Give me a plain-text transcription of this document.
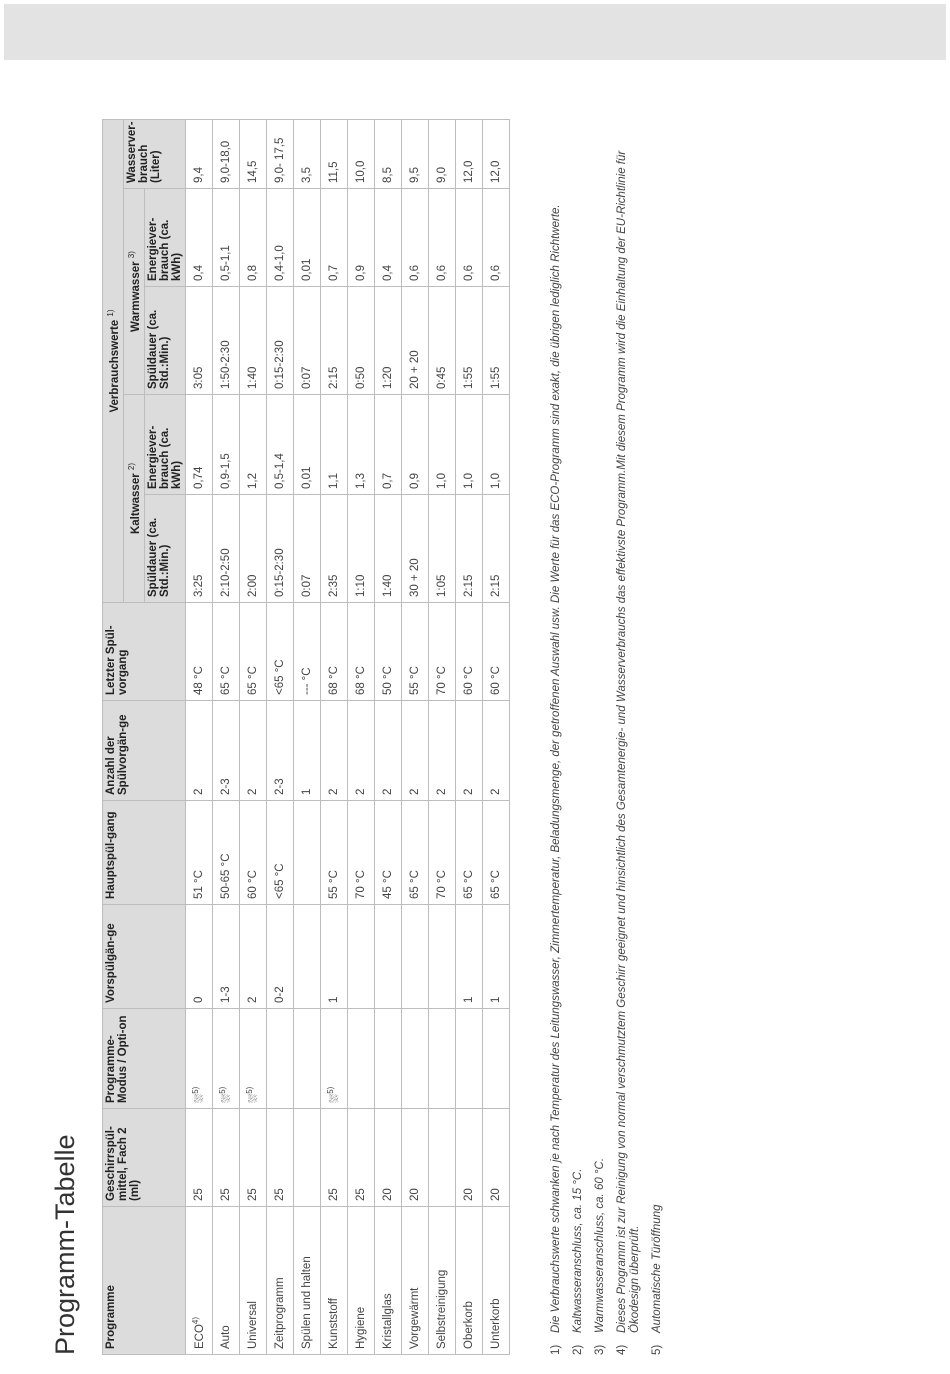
Programm-Tabelle Programme	Geschirrspül-mittel, Fach 2 (ml)	Programme-Modus / Opti-on	Vorspülgän-ge	Hauptspül-gang	Anzahl der Spülvorgän-ge	Letzter Spül-vorgang	Verbrauchswerte $^{1)}$
							Kaltwasser $^{2)}$		Warmwasser $^{3)}$		Wasserver-brauch (Liter)
							Spüldauer (ca. Std.:Min.)	Energiever-brauch (ca. kWh)	Spüldauer (ca. Std.:Min.)	Energiever-brauch (ca. kWh)	
ECO$^{4)}$	25	⛆$^{5)}$	0	51 °C	2	48 °C	3:25	0,74	3:05	0,4	9,4
Auto	25	⛆$^{5)}$	1-3	50-65 °C	2-3	65 °C	2:10-2:50	0,9-1,5	1:50-2:30	0,5-1,1	9,0-18,0
Universal	25	⛆$^{5)}$	2	60 °C	2	65 °C	2:00	1,2	1:40	0,8	14,5
Zeitprogramm	25		0-2	<65 °C	2-3	<65 °C	0:15-2:30	0,5-1,4	0:15-2:30	0,4-1,0	9,0- 17,5
Spülen und halten					1	--- °C	0:07	0,01	0:07	0,01	3,5
Kunststoff	25	⛆$^{5)}$	1	55 °C	2	68 °C	2:35	1,1	2:15	0,7	11,5
Hygiene	25			70 °C	2	68 °C	1:10	1,3	0:50	0,9	10,0
Kristallglas	20			45 °C	2	50 °C	1:40	0,7	1:20	0,4	8,5
Vorgewärmt	20			65 °C	2	55 °C	30 + 20	0,9	20 + 20	0,6	9,5
Selbstreinigung				70 °C	2	70 °C	1:05	1,0	0:45	0,6	9,0
Oberkorb	20		1	65 °C	2	60 °C	2:15	1,0	1:55	0,6	12,0
Unterkorb	20		1	65 °C	2	60 °C	2:15	1,0	1:55	0,6	12,0
1)
Die Verbrauchswerte schwanken je nach Temperatur des Leitungswasser, Zimmertemperatur, Beladungsmenge, der getroffenen Auswahl usw. Die Werte für das ECO-Programm sind exakt, die übrigen lediglich Richtwerte.
2)
Kaltwasseranschluss, ca. 15 °C.
3)
Warmwasseranschluss, ca. 60 °C.
4)
Dieses Programm ist zur Reinigung von normal verschmutztem Geschirr geeignet und hinsichtlich des Gesamtenergie- und Wasserverbrauchs das effektivste Programm.Mit diesem Programm wird die Einhaltung der EU-Richtlinie für Ökodesign überprüft.
5)
Automatische Türöffnung
